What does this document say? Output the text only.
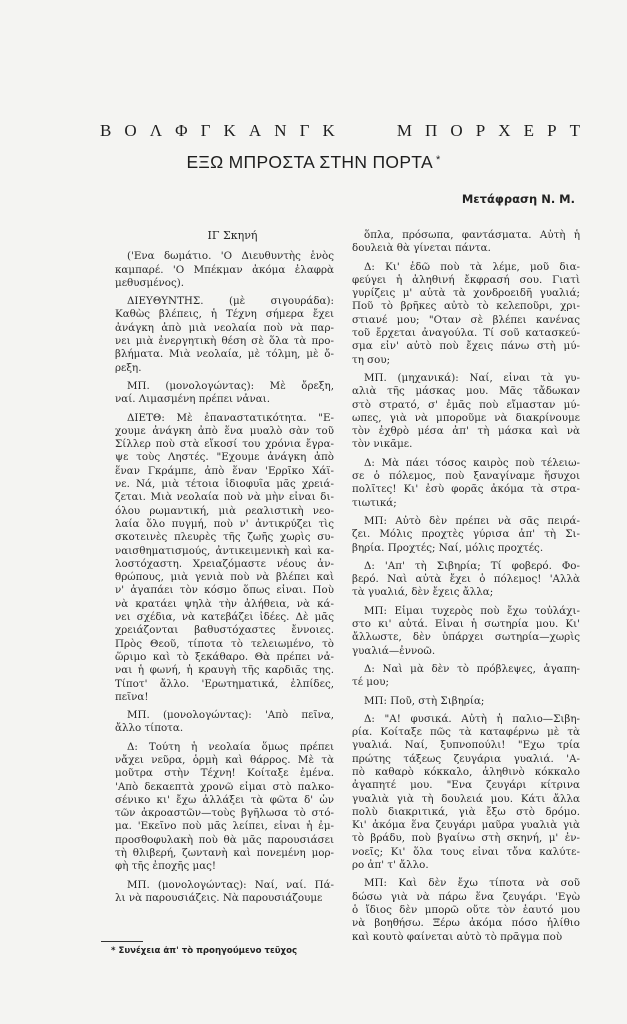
Β Ο Λ Φ Γ Κ Α Ν Γ Κ	Μ Π Ο Ρ Χ Ε Ρ Τ
ΕΞΩ ΜΠΡΟΣΤΑ ΣΤΗΝ ΠΟΡΤΑ *
Μετάφραση Ν. Μ.
ΙΓ Σκηνή
('Ενα δωμάτιο. 'Ο Διευθυντὴς ἑνὸς
καμπαρέ. 'Ο Μπέκμαν ἀκόμα ἐλαφρὰ
μεθυσμένος).
ΔΙΕΥΘΥΝΤΗΣ. (μὲ σιγουράδα):
Καθὼς βλέπεις, ἡ Τέχνη σήμερα ἔχει
ἀνάγκη ἀπὸ μιὰ νεολαία ποὺ νὰ παρ-
νει μιὰ ἐνεργητικὴ θέση σὲ ὅλα τὰ προ-
βλήματα. Μιὰ νεολαία, μὲ τόλμη, μὲ ὄ-
ρεξη.
ΜΠ. (μονολογώντας): Μὲ ὄρεξη,
ναί. Λιμασμένη πρέπει νἆναι.
ΔΙΕΤΘ: Μὲ ἐπαναστατικότητα. "Ε-
χουμε ἀνάγκη ἀπὸ ἕνα μυαλὸ σὰν τοῦ
Σίλλερ ποὺ στὰ εἴκοσί του χρόνια ἔγρα-
ψε τοὺς Ληστές. "Εχουμε ἀνάγκη ἀπὸ
ἕναν Γκράμπε, ἀπὸ ἕναν 'Ερρῖκο Χάϊ-
νε. Νά, μιὰ τέτοια ἰδιοφυΐα μᾶς χρειά-
ζεται. Μιὰ νεολαία ποὺ νὰ μὴν εἶναι δι-
όλου ρωμαντική, μιὰ ρεαλιστικὴ νεο-
λαία ὅλο πυγμή, ποὺ ν' ἀντικρύζει τὶς
σκοτεινὲς πλευρὲς τῆς ζωῆς χωρὶς συ-
ναισθηματισμούς, ἀντικειμενικὴ καὶ κα-
λοστόχαστη. Χρειαζόμαστε νέους ἀν-
θρώπους, μιὰ γενιὰ ποὺ νὰ βλέπει καὶ
ν' ἀγαπάει τὸν κόσμο ὅπως εἶναι. Ποὺ
νὰ κρατάει ψηλὰ τὴν ἀλήθεια, νὰ κά-
νει σχέδια, νὰ κατεβάζει ἰδέες. Δὲ μᾶς
χρειάζονται βαθυστόχαστες ἔννοιες.
Πρὸς Θεοῦ, τίποτα τὸ τελειωμένο, τὸ
ὥριμο καὶ τὸ ξεκάθαρο. Θὰ πρέπει νἆ-
ναι ἡ φωνή, ἡ κραυγὴ τῆς καρδιᾶς της.
Τίποτ' ἄλλο. 'Ερωτηματικά, ἐλπίδες,
πεῖνα!
ΜΠ. (μονολογώντας): 'Απὸ πεῖνα,
ἄλλο τίποτα.
Δ: Τούτη ἡ νεολαία ὅμως πρέπει
νἄχει νεῦρα, ὁρμὴ καὶ θάρρος. Μὲ τὰ
μοῦτρα στὴν Τέχνη! Κοίταξε ἐμένα.
'Απὸ δεκαεπτὰ χρονῶ εἶμαι στὸ παλκο-
σένικο κι' ἔχω ἀλλάξει τὰ φῶτα δ' ὧν
τῶν ἀκροαστῶν—τοὺς βγῆλωσα τὸ στό-
μα. 'Εκεῖνο ποὺ μᾶς λείπει, εἶναι ἡ ἐμ-
προσθοφυλακὴ ποὺ θὰ μᾶς παρουσιάσει
τὴ θλιβερή, ζωντανὴ καὶ πονεμένη μορ-
φὴ τῆς ἐποχῆς μας!
ΜΠ. (μονολογώντας): Ναί, ναί. Πά-
λι νὰ παρουσιάζεις. Νὰ παρουσιάζουμε
ὅπλα, πρόσωπα, φαντάσματα. Αὐτὴ ἡ
δουλειὰ θὰ γίνεται πάντα.
Δ: Κι' ἐδῶ ποὺ τὰ λέμε, μοῦ δια-
φεύγει ἡ ἀληθινή ἔκφρασή σου. Γιατὶ
γυρίζεις μ' αὐτὰ τὰ χονδροειδῆ γυαλιά;
Ποῦ τὸ βρῆκες αὐτὸ τὸ κελεποῦρι, χρι-
στιανέ μου; "Οταν σὲ βλέπει κανένας
τοῦ ἔρχεται ἀναγούλα. Τί σοῦ κατασκεύ-
σμα εἶν' αὐτὸ ποὺ ἔχεις πάνω στὴ μύ-
τη σου;
ΜΠ. (μηχανικά): Ναί, εἶναι τὰ γυ-
αλιὰ τῆς μάσκας μου. Μᾶς τἄδωκαν
στὸ στρατό, σ' ἐμᾶς ποὺ εἴμασταν μύ-
ωπες, γιὰ νὰ μποροῦμε νὰ διακρίνουμε
τὸν ἐχθρὸ μέσα ἀπ' τὴ μάσκα καὶ νὰ
τὸν νικᾶμε.
Δ: Μὰ πάει τόσος καιρὸς ποὺ τέλειω-
σε ὁ πόλεμος, ποὺ ξαναγίναμε ἥσυχοι
πολῖτες! Κι' ἐσὺ φορᾶς ἀκόμα τὰ στρα-
τιωτικά;
ΜΠ: Αὐτὸ δὲν πρέπει νὰ σᾶς πειρά-
ζει. Μόλις προχτὲς γύρισα ἀπ' τὴ Σι-
βηρία. Προχτές; Ναί, μόλις προχτές.
Δ: 'Απ' τὴ Σιβηρία; Τί φοβερό. Φο-
βερό. Ναὶ αὐτὰ ἔχει ὁ πόλεμος! 'Αλλὰ
τὰ γυαλιά, δὲν ἔχεις ἄλλα;
ΜΠ: Εἶμαι τυχερὸς ποὺ ἔχω τοὐλάχι-
στο κι' αὐτά. Εἶναι ἡ σωτηρία μου. Κι'
ἄλλωστε, δὲν ὑπάρχει σωτηρία—χωρὶς
γυαλιά—ἐννοῶ.
Δ: Ναὶ μὰ δὲν τὸ πρόβλεψες, ἀγαπη-
τέ μου;
ΜΠ: Ποῦ, στὴ Σιβηρία;
Δ: "Α! φυσικά. Αὐτὴ ἡ παλιο—Σιβη-
ρία. Κοίταξε πῶς τὰ καταφέρνω μὲ τὰ
γυαλιά. Ναί, ξυπνοπούλι! "Εχω τρία
πρώτης τάξεως ζευγάρια γυαλιά. 'Α-
πὸ καθαρὸ κόκκαλο, ἀληθινὸ κόκκαλο
ἀγαπητέ μου. "Ενα ζευγάρι κίτρινα
γυαλιὰ γιὰ τὴ δουλειά μου. Κάτι ἄλλα
πολὺ διακριτικά, γιὰ ἔξω στὸ δρόμο.
Κι' ἀκόμα ἕνα ζευγάρι μαῦρα γυαλιὰ γιὰ
τὸ βράδυ, ποὺ βγαίνω στὴ σκηνή, μ' ἐν-
νοεῖς; Κι' ὅλα τους εἶναι τὄνα καλύτε-
ρο ἀπ' τ' ἄλλο.
ΜΠ: Καὶ δὲν ἔχω τίποτα νὰ σοῦ
δώσω γιὰ νὰ πάρω ἕνα ζευγάρι. 'Εγὼ
ὁ ἴδιος δὲν μπορῶ οὔτε τὸν ἑαυτό μου
νὰ βοηθήσω. Ξέρω ἀκόμα πόσο ἠλίθιο
καὶ κουτὸ φαίνεται αὐτὸ τὸ πρᾶγμα ποὺ
* Συνέχεια ἀπ' τὸ προηγούμενο τεῦχος
